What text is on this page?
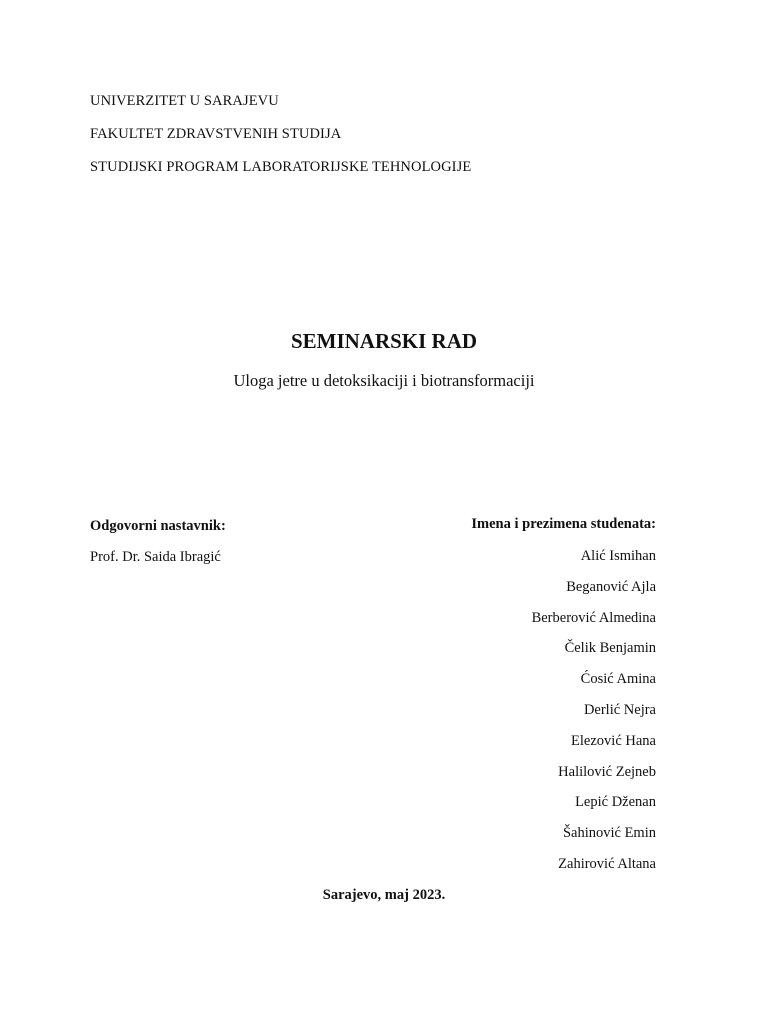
UNIVERZITET U SARAJEVU
FAKULTET ZDRAVSTVENIH STUDIJA
STUDIJSKI PROGRAM LABORATORIJSKE TEHNOLOGIJE
SEMINARSKI RAD
Uloga jetre u detoksikaciji i biotransformaciji
Odgovorni nastavnik:
Prof. Dr. Saida Ibragić
Imena i prezimena studenata:
Alić Ismihan
Beganović Ajla
Berberović Almedina
Čelik Benjamin
Ćosić Amina
Derlić Nejra
Elezović Hana
Halilović Zejneb
Lepić Dženan
Šahinović Emin
Zahirović Altana
Sarajevo, maj 2023.
